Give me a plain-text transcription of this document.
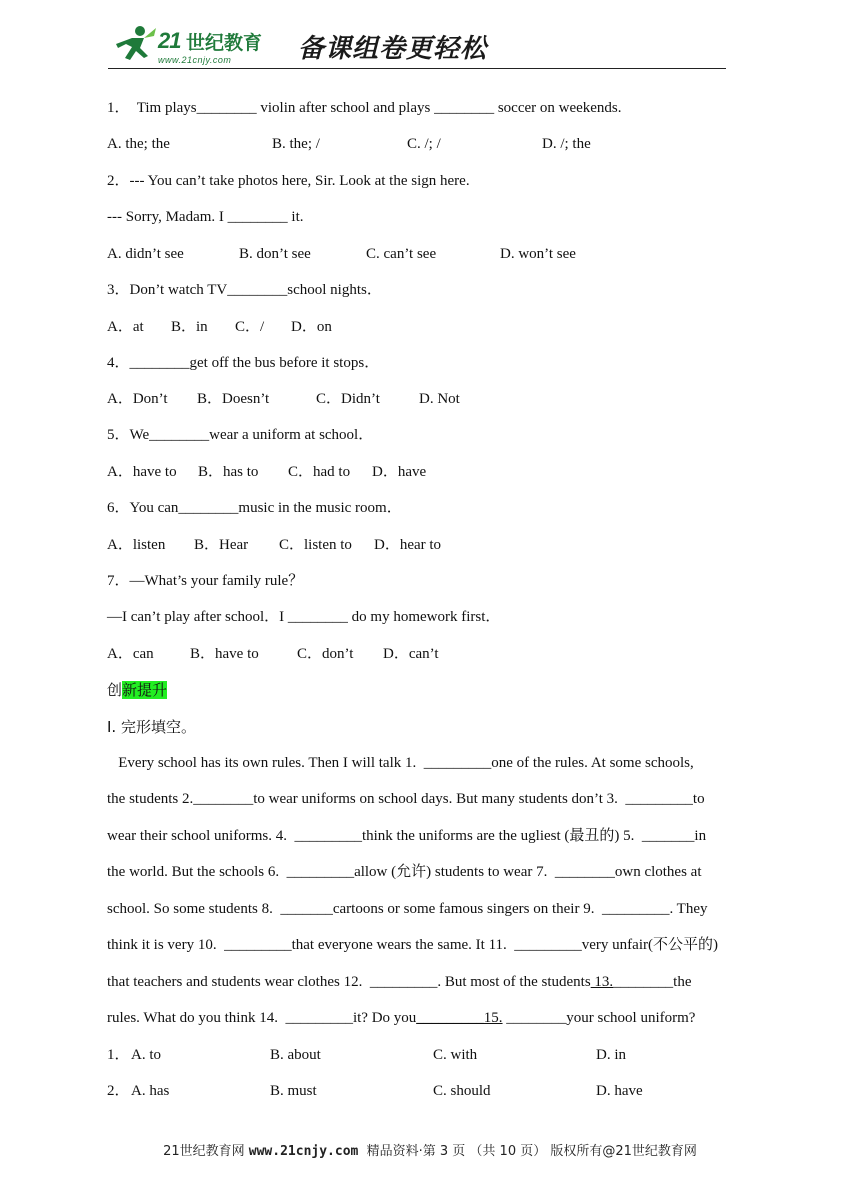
21 世纪教育
www.21cnjy.com	备课组卷更轻松
1．  Tim plays________ violin after school and plays ________ soccer on weekends.
A. the; the	B. the; /	C. /; /	D. /; the
2．--- You can’t take photos here, Sir. Look at the sign here.
--- Sorry, Madam. I ________ it.
A. didn’t see	B. don’t see	C. can’t see	D. won’t see
3．Don’t watch TV________school nights．
A．at B．in C．/ D．on
4．________get off the bus before it stops．
A．Don’t B．Doesn’t	C．Didn’t	D. Not
5．We________wear a uniform at school．
A．have to B．has to C．had to D．have
6．You can________music in the music room．
A．listen B．Hear C．listen to D．hear to
7．—What’s your family rule？
—I can’t play after school．I ________ do my homework first．
A．can B．have to	C．don’t D．can’t
创新提升
Ⅰ. 完形填空。
Every school has its own rules. Then I will talk 1.  _________one of the rules. At some schools,
the students 2.________to wear uniforms on school days. But many students don’t 3.  _________to
wear their school uniforms. 4.  _________think the uniforms are the ugliest (最丑的) 5.  _______in
the world. But the schools 6.  _________allow (允许) students to wear 7.  ________own clothes at
school. So some students 8.  _______cartoons or some famous singers on their 9.  _________. They
think it is very 10.  _________that everyone wears the same. It 11.  _________very unfair(不公平的)
that teachers and students wear clothes 12.  _________. But most of the students 13.________the
rules. What do you think 14.  _________it? Do you_________15. ________your school uniform?
1． A. to	B. about	C. with	D. in
2． A. has	B. must	C. should	D. have
21世纪教育网 www.21cnjy.com  精品资料·第 3 页 （共 10 页） 版权所有@21世纪教育网
